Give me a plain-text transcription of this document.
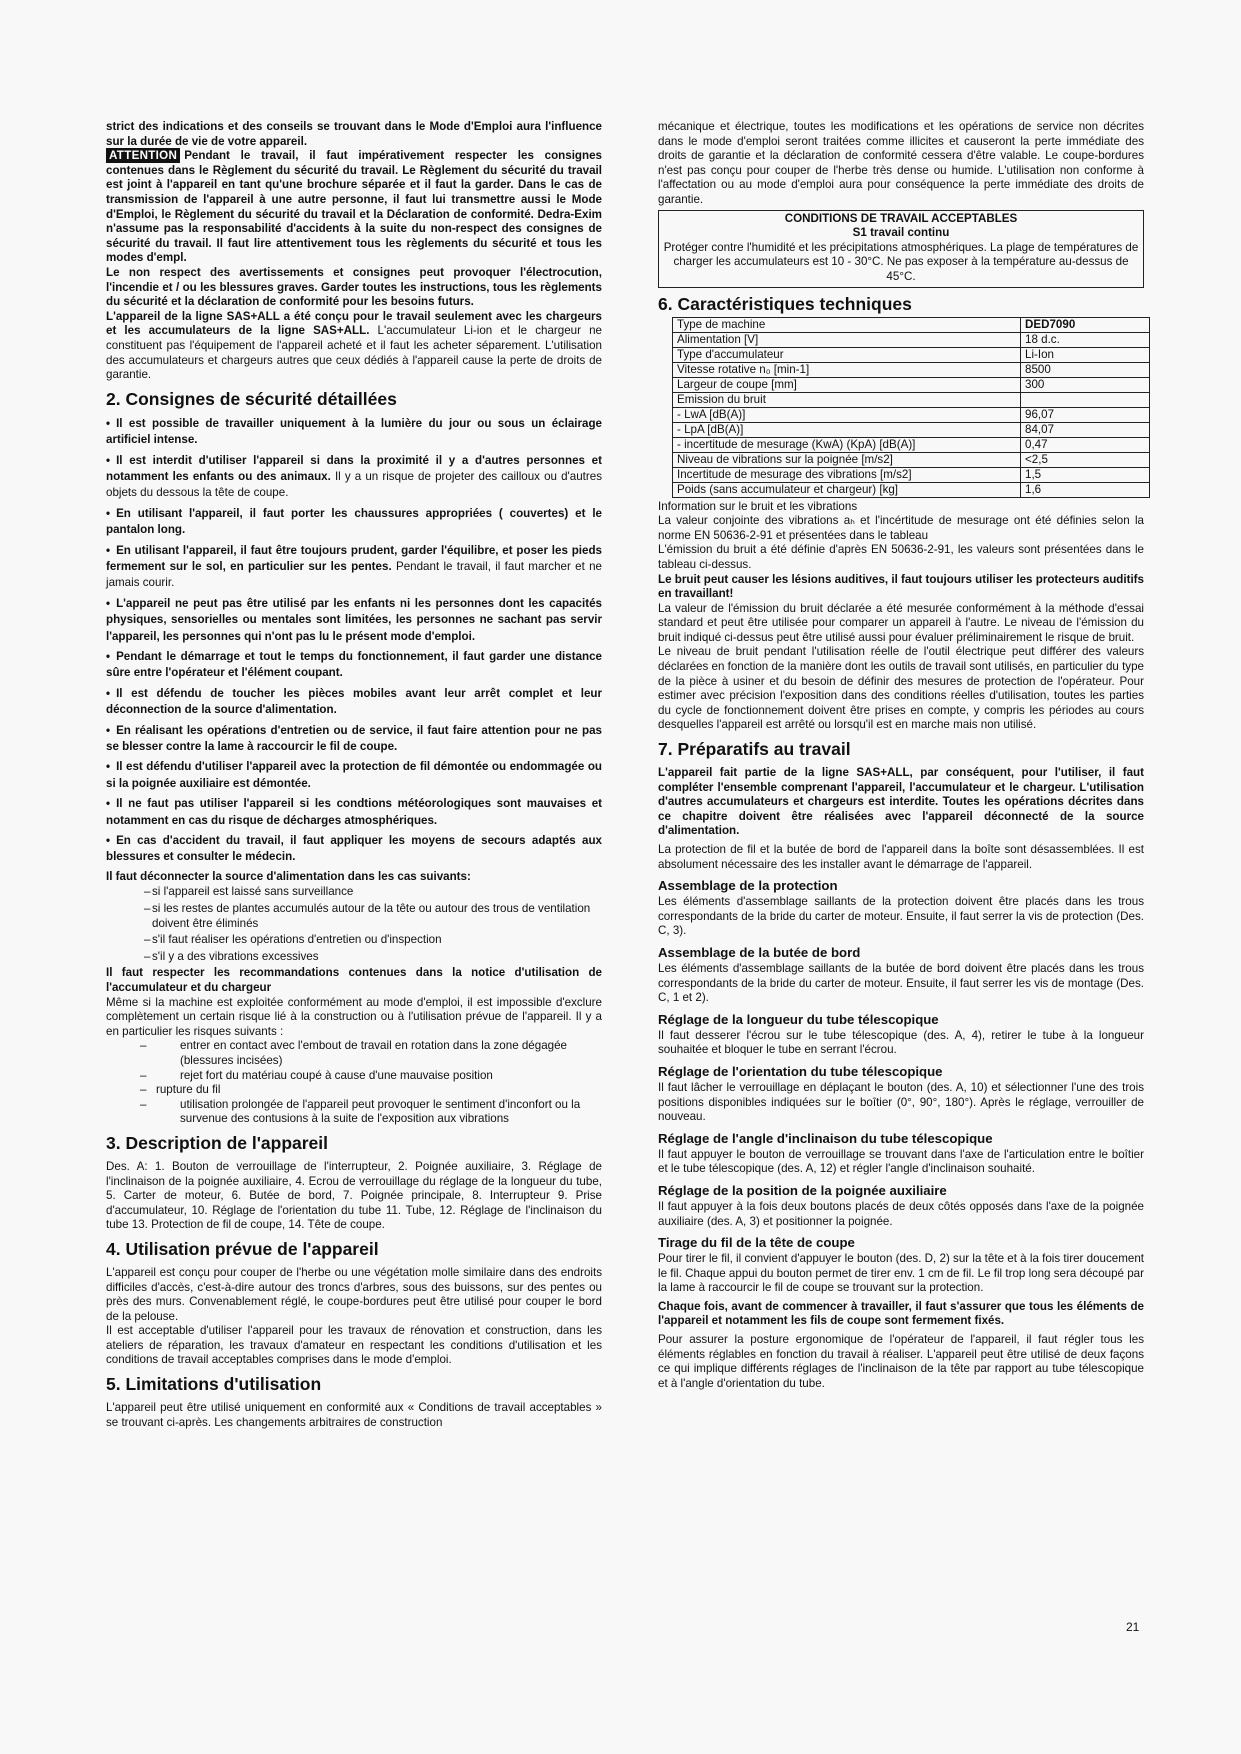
strict des indications et des conseils se trouvant dans le Mode d'Emploi aura l'influence sur la durée de vie de votre appareil.

ATTENTION Pendant le travail, il faut impérativement respecter les consignes contenues dans le Règlement du sécurité du travail. Le Règlement du sécurité du travail est joint à l'appareil en tant qu'une brochure séparée et il faut la garder. Dans le cas de transmission de l'appareil à une autre personne, il faut lui transmettre aussi le Mode d'Emploi, le Règlement du sécurité du travail et la Déclaration de conformité. Dedra-Exim n'assume pas la responsabilité d'accidents à la suite du non-respect des consignes de sécurité du travail. Il faut lire attentivement tous les règlements du sécurité et tous les modes d'empl.

Le non respect des avertissements et consignes peut provoquer l'électrocution, l'incendie et / ou les blessures graves. Garder toutes les instructions, tous les règlements du sécurité et la déclaration de conformité pour les besoins futurs.

L'appareil de la ligne SAS+ALL a été conçu pour le travail seulement avec les chargeurs et les accumulateurs de la ligne SAS+ALL. L'accumulateur Li-ion et le chargeur ne constituent pas l'équipement de l'appareil acheté et il faut les acheter séparement. L'utilisation des accumulateurs et chargeurs autres que ceux dédiés à l'appareil cause la perte de droits de garantie.

2. Consignes de sécurité détaillées
• Il est possible de travailler uniquement à la lumière du jour ou sous un éclairage artificiel intense.
• Il est interdit d'utiliser l'appareil si dans la proximité il y a d'autres personnes et notamment les enfants ou des animaux. Il y a un risque de projeter des cailloux ou d'autres objets du dessous la tête de coupe.
• En utilisant l'appareil, il faut porter les chaussures appropriées ( couvertes) et le pantalon long.
• En utilisant l'appareil, il faut être toujours prudent, garder l'équilibre, et poser les pieds fermement sur le sol, en particulier sur les pentes. Pendant le travail, il faut marcher et ne jamais courir.
• L'appareil ne peut pas être utilisé par les enfants ni les personnes dont les capacités physiques, sensorielles ou mentales sont limitées, les personnes ne sachant pas servir l'appareil, les personnes qui n'ont pas lu le présent mode d'emploi.
• Pendant le démarrage et tout le temps du fonctionnement, il faut garder une distance sûre entre l'opérateur et l'élément coupant.
• Il est défendu de toucher les pièces mobiles avant leur arrêt complet et leur déconnection de la source d'alimentation.
• En réalisant les opérations d'entretien ou de service, il faut faire attention pour ne pas se blesser contre la lame à raccourcir le fil de coupe.
• Il est défendu d'utiliser l'appareil avec la protection de fil démontée ou endommagée ou si la poignée auxiliaire est démontée.
• Il ne faut pas utiliser l'appareil si les condtions météorologiques sont mauvaises et notamment en cas du risque de décharges atmosphériques.
• En cas d'accident du travail, il faut appliquer les moyens de secours adaptés aux blessures et consulter le médecin.

Il faut déconnecter la source d'alimentation dans les cas suivants:

– si l'appareil est laissé sans surveillance
– si les restes de plantes accumulés autour de la tête ou autour des trous de ventilation doivent être éliminés
– s'il faut réaliser les opérations d'entretien ou d'inspection
– s'il y a des vibrations excessives

Il faut respecter les recommandations contenues dans la notice d'utilisation de l'accumulateur et du chargeur

Même si la machine est exploitée conformément au mode d'emploi, il est impossible d'exclure complètement un certain risque lié à la construction ou à l'utilisation prévue de l'appareil. Il y a en particulier les risques suivants :

– entrer en contact avec l'embout de travail en rotation dans la zone dégagée (blessures incisées)
– rejet fort du matériau coupé à cause d'une mauvaise position
– rupture du fil
– utilisation prolongée de l'appareil peut provoquer le sentiment d'inconfort ou la survenue des contusions à la suite de l'exposition aux vibrations
3. Description de l'appareil

Des. A: 1. Bouton de verrouillage de l'interrupteur, 2. Poignée auxiliaire, 3. Réglage de l'inclinaison de la poignée auxiliaire, 4. Ecrou de verrouillage du réglage de la longueur du tube, 5. Carter de moteur, 6. Butée de bord, 7. Poignée principale, 8. Interrupteur 9. Prise d'accumulateur, 10. Réglage de l'orientation du tube 11. Tube, 12. Réglage de l'inclinaison du tube 13. Protection de fil de coupe, 14. Tête de coupe.

4. Utilisation prévue de l'appareil

L'appareil est conçu pour couper de l'herbe ou une végétation molle similaire dans des endroits difficiles d'accès, c'est-à-dire autour des troncs d'arbres, sous des buissons, sur des pentes ou près des murs. Convenablement réglé, le coupe-bordures peut être utilisé pour couper le bord de la pelouse.

Il est acceptable d'utiliser l'appareil pour les travaux de rénovation et construction, dans les ateliers de réparation, les travaux d'amateur en respectant les conditions d'utilisation et les conditions de travail acceptables comprises dans le mode d'emploi.

5. Limitations d'utilisation

L'appareil peut être utilisé uniquement en conformité aux « Conditions de travail acceptables » se trouvant ci-après. Les changements arbitraires de construction

mécanique et électrique, toutes les modifications et les opérations de service non décrites dans le mode d'emploi seront traitées comme illicites et causeront la perte immédiate des droits de garantie et la déclaration de conformité cessera d'être valable. Le coupe-bordures n'est pas conçu pour couper de l'herbe très dense ou humide. L'utilisation non conforme à l'affectation ou au mode d'emploi aura pour conséquence la perte immédiate des droits de garantie.

CONDITIONS DE TRAVAIL ACCEPTABLES
S1 travail continu
Protéger contre l'humidité et les précipitations atmosphériques. La plage de températures de charger les accumulateurs est 10 - 30°C. Ne pas exposer à la température au-dessus de 45°C.
6. Caractéristiques techniques
Type de machine	DED7090
Alimentation [V]	18 d.c.
Type d'accumulateur	Li-Ion
Vitesse rotative n₀ [min-1]	8500
Largeur de coupe [mm]	300
Emission du bruit	
- LwA [dB(A)]	96,07
- LpA [dB(A)]	84,07
- incertitude de mesurage (KwA) (KpA) [dB(A)]	0,47
Niveau de vibrations sur la poignée [m/s2]	<2,5
Incertitude de mesurage des vibrations [m/s2]	1,5
Poids (sans accumulateur et chargeur) [kg]	1,6

Information sur le bruit et les vibrations

La valeur conjointe des vibrations aₕ et l'incértitude de mesurage ont été définies selon la norme EN 50636-2-91 et présentées dans le tableau

L'émission du bruit a été définie d'après EN 50636-2-91, les valeurs sont présentées dans le tableau ci-dessus.

Le bruit peut causer les lésions auditives, il faut toujours utiliser les protecteurs auditifs en travaillant!

La valeur de l'émission du bruit déclarée a été mesurée conformément à la méthode d'essai standard et peut être utilisée pour comparer un appareil à l'autre. Le niveau de l'émission du bruit indiqué ci-dessus peut être utilisé aussi pour évaluer préliminairement le risque de bruit.

Le niveau de bruit pendant l'utilisation réelle de l'outil électrique peut différer des valeurs déclarées en fonction de la manière dont les outils de travail sont utilisés, en particulier du type de la pièce à usiner et du besoin de définir des mesures de protection de l'opérateur. Pour estimer avec précision l'exposition dans des conditions réelles d'utilisation, toutes les parties du cycle de fonctionnement doivent être prises en compte, y compris les périodes au cours desquelles l'appareil est arrêté ou lorsqu'il est en marche mais non utilisé.

7. Préparatifs au travail

L'appareil fait partie de la ligne SAS+ALL, par conséquent, pour l'utiliser, il faut compléter l'ensemble comprenant l'appareil, l'accumulateur et le chargeur. L'utilisation d'autres accumulateurs et chargeurs est interdite. Toutes les opérations décrites dans ce chapitre doivent être réalisées avec l'appareil déconnecté de la source d'alimentation.

La protection de fil et la butée de bord de l'appareil dans la boîte sont désassemblées. Il est absolument nécessaire des les installer avant le démarrage de l'appareil.

Assemblage de la protection

Les éléments d'assemblage saillants de la protection doivent être placés dans les trous correspondants de la bride du carter de moteur. Ensuite, il faut serrer la vis de protection (Des. C, 3).

Assemblage de la butée de bord

Les éléments d'assemblage saillants de la butée de bord doivent être placés dans les trous correspondants de la bride du carter de moteur. Ensuite, il faut serrer les vis de montage (Des. C, 1 et 2).

Réglage de la longueur du tube télescopique

Il faut desserer l'écrou sur le tube télescopique (des. A, 4), retirer le tube à la longueur souhaitée et bloquer le tube en serrant l'écrou.

Réglage de l'orientation du tube télescopique

Il faut lâcher le verrouillage en déplaçant le bouton (des. A, 10) et sélectionner l'une des trois positions disponibles indiquées sur le boîtier (0°, 90°, 180°). Après le réglage, verrouiller de nouveau.

Réglage de l'angle d'inclinaison du tube télescopique

Il faut appuyer le bouton de verrouillage se trouvant dans l'axe de l'articulation entre le boîtier et le tube télescopique (des. A, 12) et régler l'angle d'inclinaison souhaité.

Réglage de la position de la poignée auxiliaire

Il faut appuyer à la fois deux boutons placés de deux côtés opposés dans l'axe de la poignée auxiliaire (des. A, 3) et positionner la poignée.

Tirage du fil de la tête de coupe

Pour tirer le fil, il convient d'appuyer le bouton (des. D, 2) sur la tête et à la fois tirer doucement le fil. Chaque appui du bouton permet de tirer env. 1 cm de fil. Le fil trop long sera découpé par la lame à raccourcir le fil de coupe se trouvant sur la protection.

Chaque fois, avant de commencer à travailler, il faut s'assurer que tous les éléments de l'appareil et notamment les fils de coupe sont fermement fixés.

Pour assurer la posture ergonomique de l'opérateur de l'appareil, il faut régler tous les éléments réglables en fonction du travail à réaliser. L'appareil peut être utilisé de deux façons ce qui implique différents réglages de l'inclinaison de la tête par rapport au tube télescopique et à l'angle d'orientation du tube.

21
